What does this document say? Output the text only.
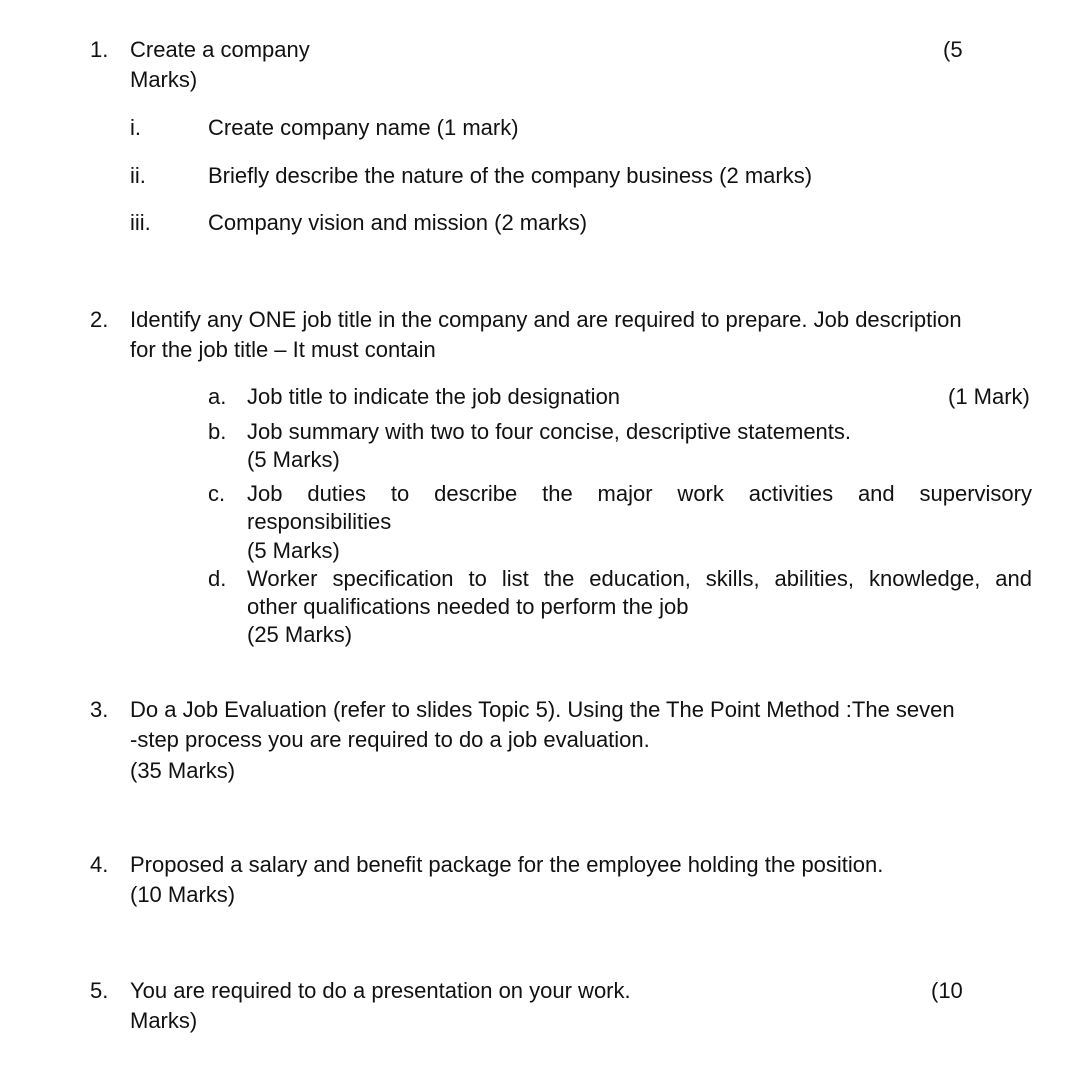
1. Create a company	(5
Marks)
i.	Create company name (1 mark)
ii.	Briefly describe the nature of the company business (2 marks)
iii.	Company vision and mission (2 marks)
2. Identify any ONE job title in the company and are required to prepare. Job description
for the job title – It must contain
a. Job title to indicate the job designation	(1 Mark)
b. Job summary with two to four concise, descriptive statements.
(5 Marks)
c. Job duties to describe the major work activities and supervisory
responsibilities
(5 Marks)
d. Worker specification to list the education, skills, abilities, knowledge, and
other qualifications needed to perform the job
(25 Marks)
3. Do a Job Evaluation (refer to slides Topic 5). Using the The Point Method :The seven
-step process you are required to do a job evaluation.
(35 Marks)
4. Proposed a salary and benefit package for the employee holding the position.
(10 Marks)
5. You are required to do a presentation on your work.	(10
Marks)
